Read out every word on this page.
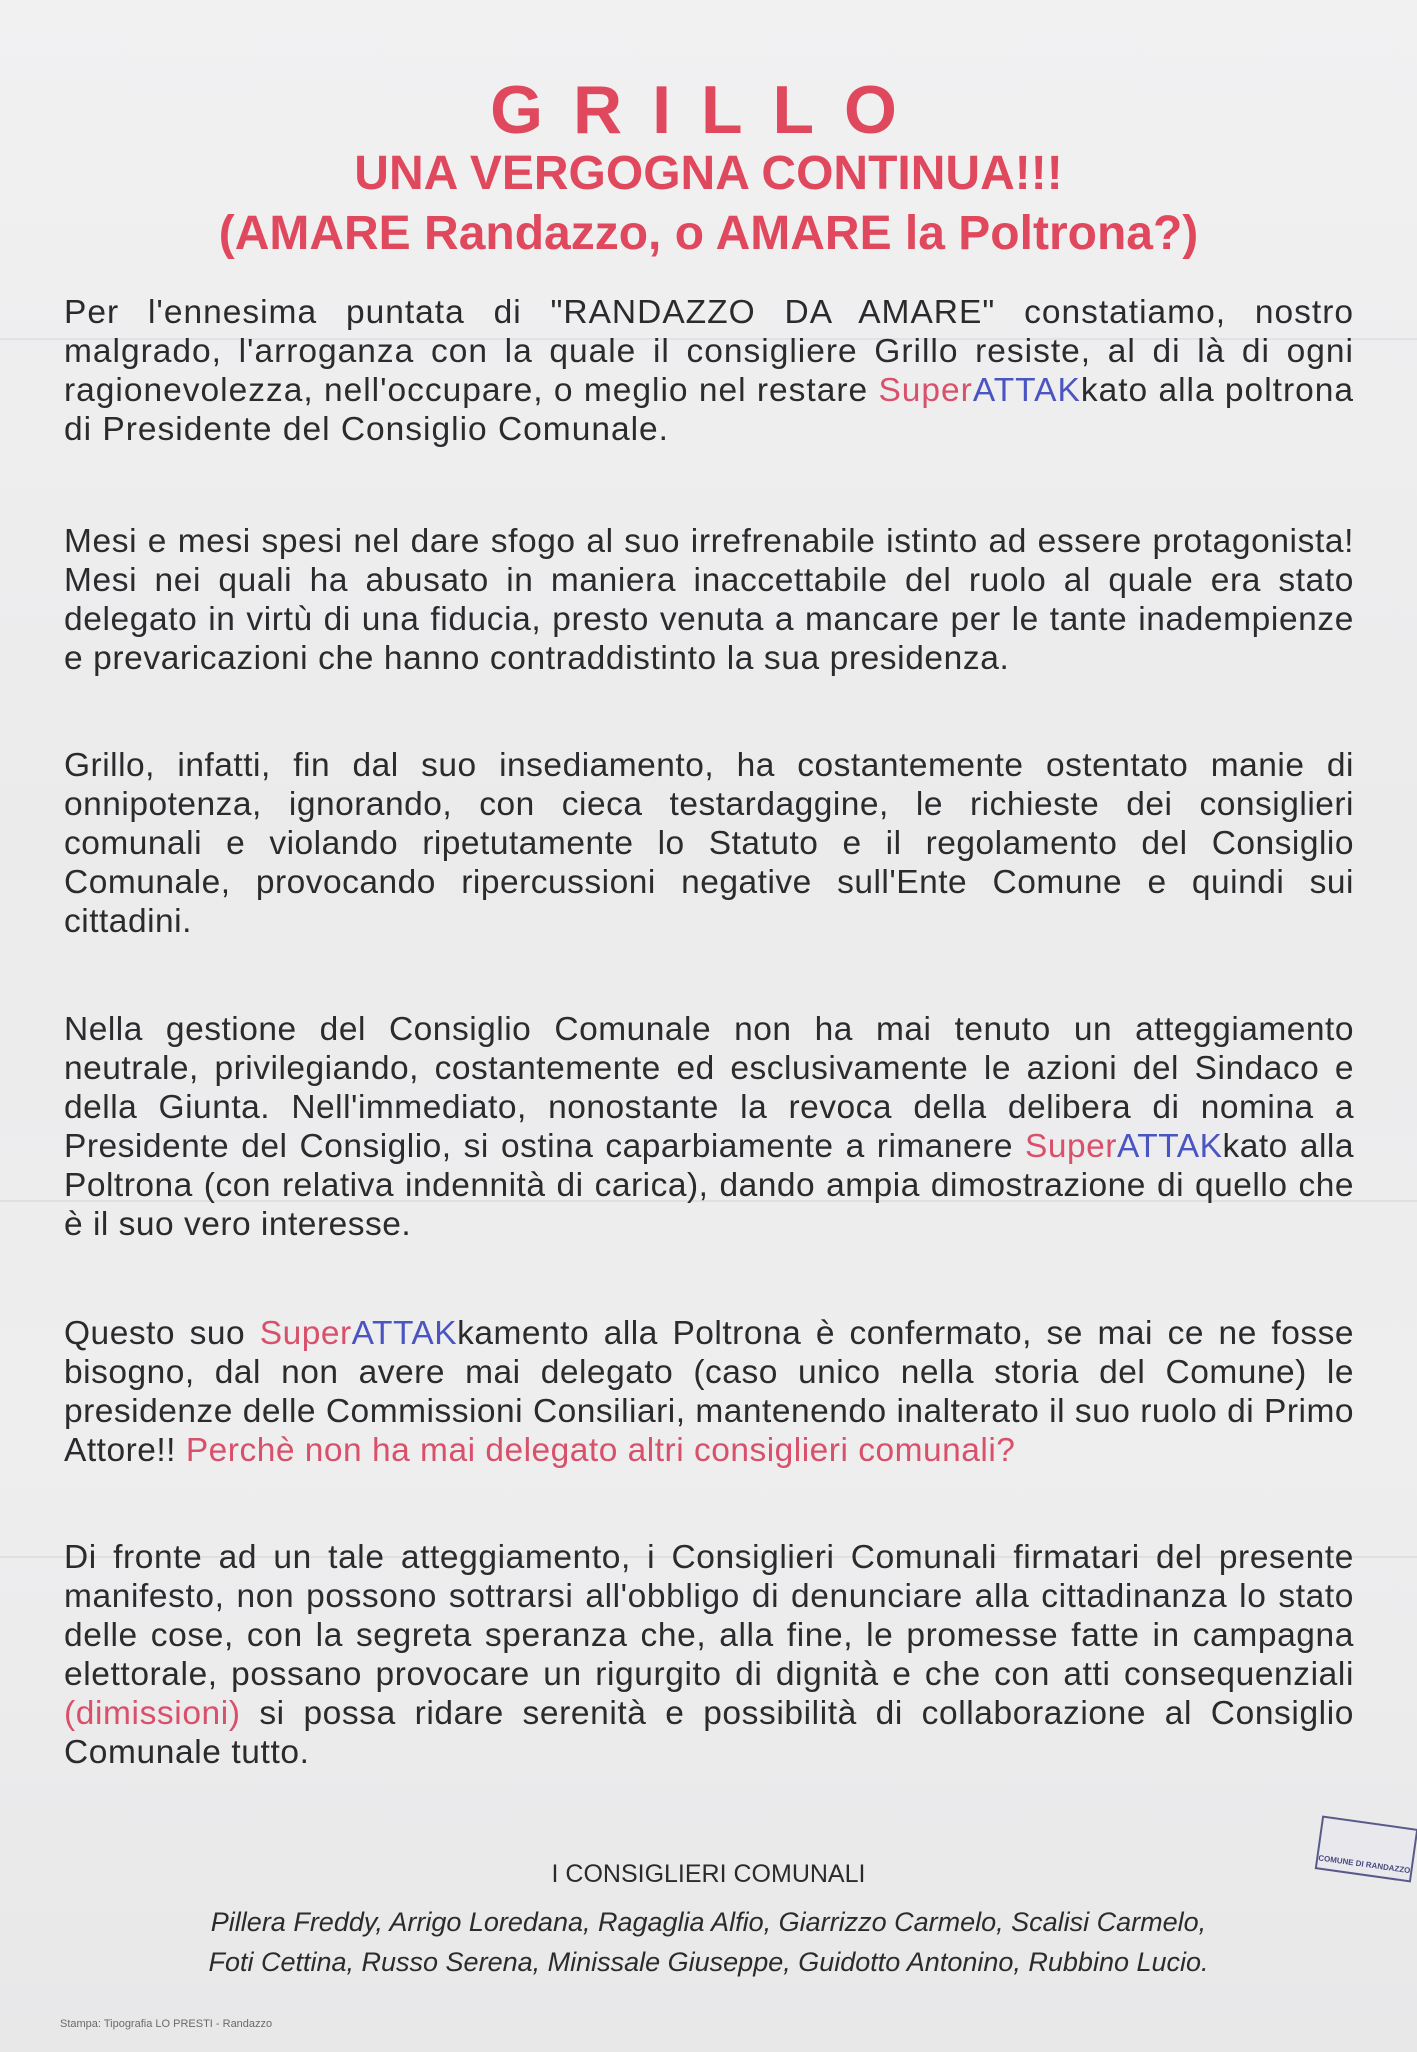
GRILLO
UNA VERGOGNA CONTINUA!!!
(AMARE Randazzo, o AMARE la Poltrona?)
Per l'ennesima puntata di "RANDAZZO DA AMARE" constatiamo, nostro malgrado, l'arroganza con la quale il consigliere Grillo resiste, al di là di ogni ragionevolezza, nell'occupare, o meglio nel restare SuperATTAKkato alla poltrona di Presidente del Consiglio Comunale.
Mesi e mesi spesi nel dare sfogo al suo irrefrenabile istinto ad essere protagonista! Mesi nei quali ha abusato in maniera inaccettabile del ruolo al quale era stato delegato in virtù di una fiducia, presto venuta a mancare per le tante inadempienze e prevaricazioni che hanno contraddistinto la sua presidenza.
Grillo, infatti, fin dal suo insediamento, ha costantemente ostentato manie di onnipotenza, ignorando, con cieca testardaggine, le richieste dei consiglieri comunali e violando ripetutamente lo Statuto e il regolamento del Consiglio Comunale, provocando ripercussioni negative sull'Ente Comune e quindi sui cittadini.
Nella gestione del Consiglio Comunale non ha mai tenuto un atteggiamento neutrale, privilegiando, costantemente ed esclusivamente le azioni del Sindaco e della Giunta. Nell'immediato, nonostante la revoca della delibera di nomina a Presidente del Consiglio, si ostina caparbiamente a rimanere SuperATTAKkato alla Poltrona (con relativa indennità di carica), dando ampia dimostrazione di quello che è il suo vero interesse.
Questo suo SuperATTAKkamento alla Poltrona è confermato, se mai ce ne fosse bisogno, dal non avere mai delegato (caso unico nella storia del Comune) le presidenze delle Commissioni Consiliari, mantenendo inalterato il suo ruolo di Primo Attore!! Perchè non ha mai delegato altri consiglieri comunali?
Di fronte ad un tale atteggiamento, i Consiglieri Comunali firmatari del presente manifesto, non possono sottrarsi all'obbligo di denunciare alla cittadinanza lo stato delle cose, con la segreta speranza che, alla fine, le promesse fatte in campagna elettorale, possano provocare un rigurgito di dignità e che con atti consequenziali (dimissioni) si possa ridare serenità e possibilità di collaborazione al Consiglio Comunale tutto.
COMUNE DI RANDAZZO
I CONSIGLIERI COMUNALI
Pillera Freddy, Arrigo Loredana, Ragaglia Alfio, Giarrizzo Carmelo, Scalisi Carmelo,
Foti Cettina, Russo Serena, Minissale Giuseppe, Guidotto Antonino, Rubbino Lucio.
Stampa: Tipografia LO PRESTI - Randazzo
